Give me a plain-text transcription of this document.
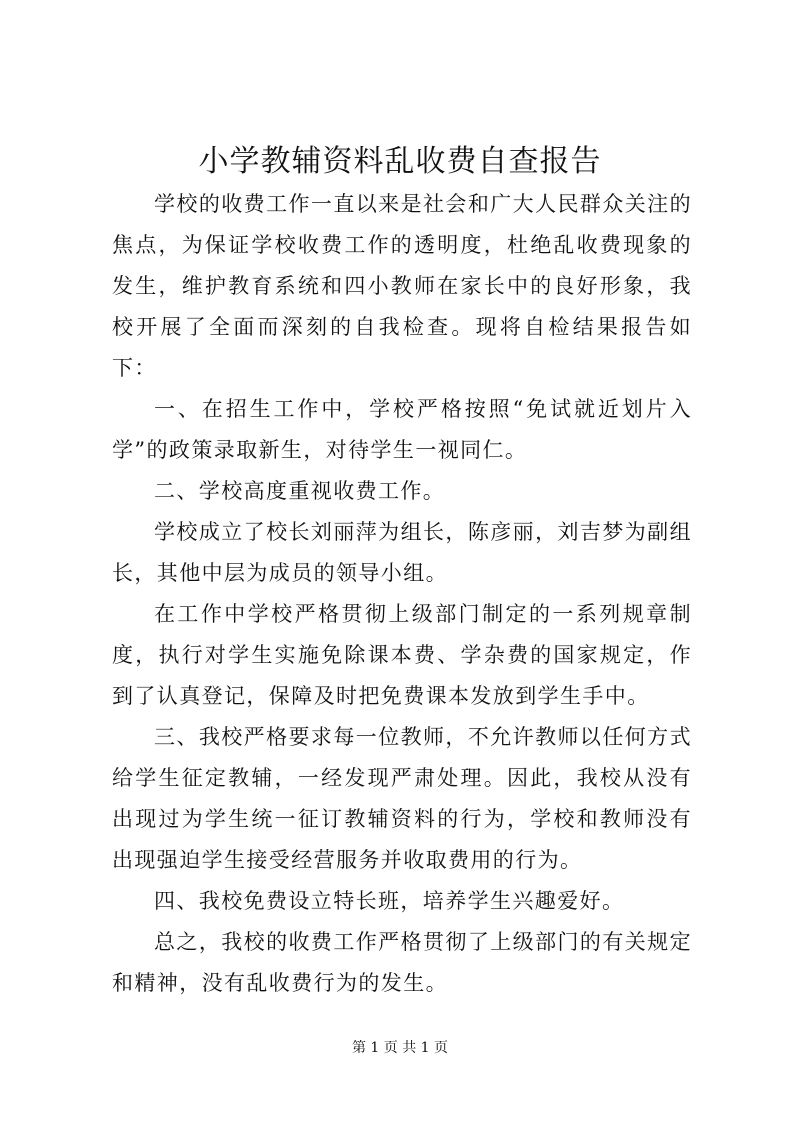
小学教辅资料乱收费自查报告

学校的收费工作一直以来是社会和广大人民群众关注的焦点，为保证学校收费工作的透明度，杜绝乱收费现象的发生，维护教育系统和四小教师在家长中的良好形象，我校开展了全面而深刻的自我检查。现将自检结果报告如下：

一、在招生工作中，学校严格按照“免试就近划片入学”的政策录取新生，对待学生一视同仁。

二、学校高度重视收费工作。

学校成立了校长刘丽萍为组长，陈彦丽，刘吉梦为副组长，其他中层为成员的领导小组。

在工作中学校严格贯彻上级部门制定的一系列规章制度，执行对学生实施免除课本费、学杂费的国家规定，作到了认真登记，保障及时把免费课本发放到学生手中。

三、我校严格要求每一位教师，不允许教师以任何方式给学生征定教辅，一经发现严肃处理。因此，我校从没有出现过为学生统一征订教辅资料的行为，学校和教师没有出现强迫学生接受经营服务并收取费用的行为。

四、我校免费设立特长班，培养学生兴趣爱好。

总之，我校的收费工作严格贯彻了上级部门的有关规定和精神，没有乱收费行为的发生。

第 1 页 共 1 页
